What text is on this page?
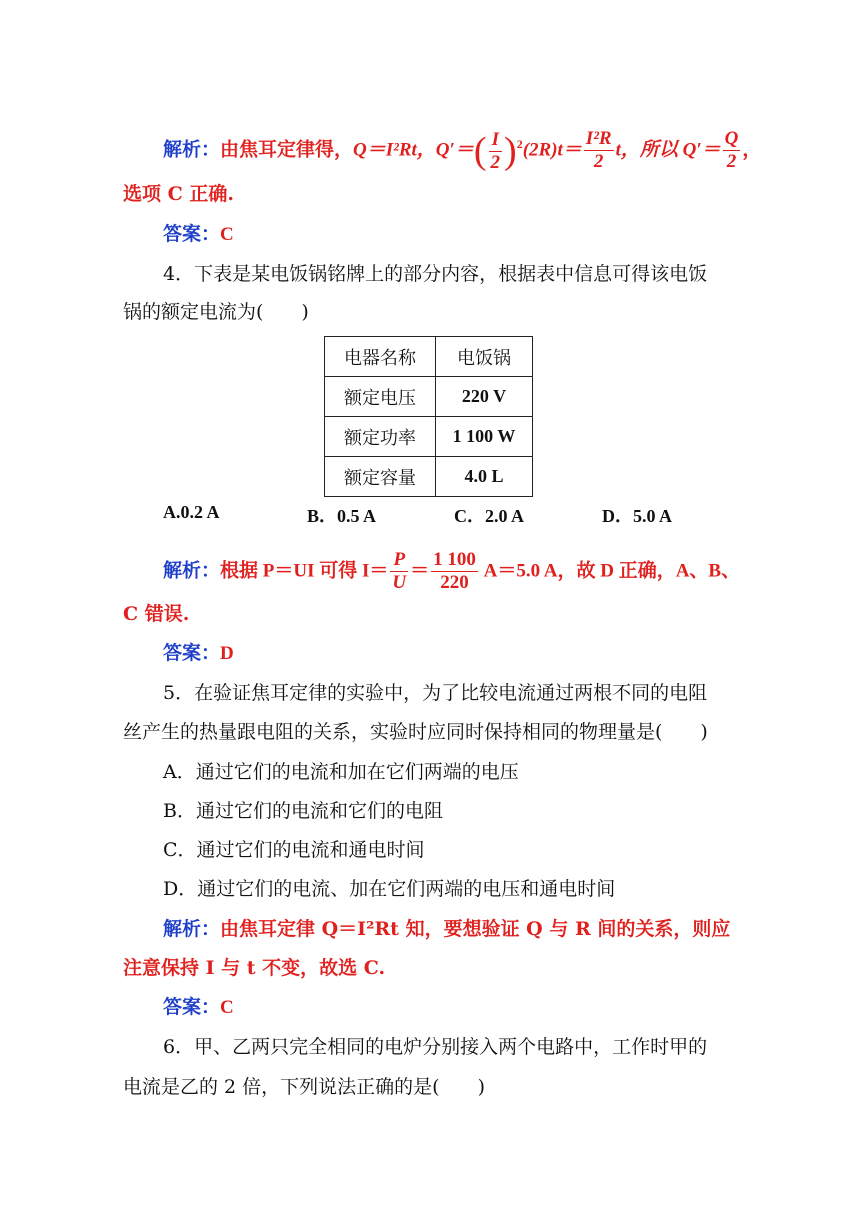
解析：由焦耳定律得，Q＝I²Rt，$Q'=( \frac{I}{2} )^2(2R)t= \frac{\text{I²R}}{2}$ t，所以 $Q'= \frac{Q}{2}$ ，
选项 C 正确.
答案：C
4．下表是某电饭锅铭牌上的部分内容，根据表中信息可得该电饭
锅的额定电流为(　　)
电器名称	电饭锅
额定电压	220 V
额定功率	1 100 W
额定容量	4.0 L
A.0.2 A	B．0.5 A	C．2.0 A	D．5.0 A
解析：根据 P＝UI 可得 $I= \frac{P}{U} = \frac{1 100}{220} A=5.0$ A，故 D 正确，A、B、
C 错误.
答案：D
5．在验证焦耳定律的实验中，为了比较电流通过两根不同的电阻
丝产生的热量跟电阻的关系，实验时应同时保持相同的物理量是(　　)
A．通过它们的电流和加在它们两端的电压
B．通过它们的电流和它们的电阻
C．通过它们的电流和通电时间
D．通过它们的电流、加在它们两端的电压和通电时间
解析：由焦耳定律 Q＝I²Rt 知，要想验证 Q 与 R 间的关系，则应
注意保持 I 与 t 不变，故选 C.
答案：C
6．甲、乙两只完全相同的电炉分别接入两个电路中，工作时甲的
电流是乙的 2 倍，下列说法正确的是(　　)
